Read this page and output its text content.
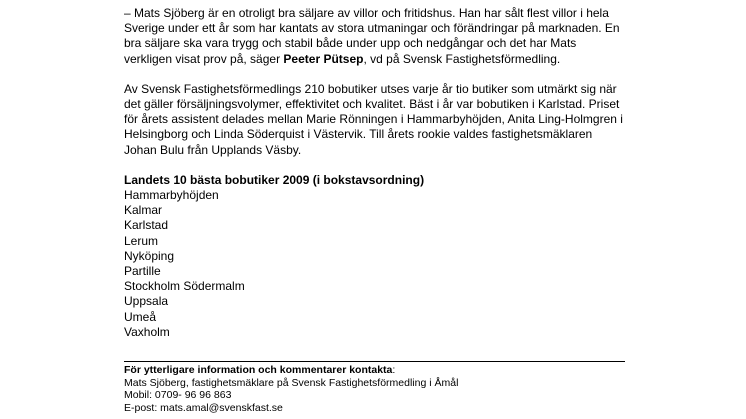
– Mats Sjöberg är en otroligt bra säljare av villor och fritidshus. Han har sålt flest villor i hela Sverige under ett år som har kantats av stora utmaningar och förändringar på marknaden. En bra säljare ska vara trygg och stabil både under upp och nedgångar och det har Mats verkligen visat prov på, säger Peeter Pütsep, vd på Svensk Fastighetsförmedling.

Av Svensk Fastighetsförmedlings 210 bobutiker utses varje år tio butiker som utmärkt sig när det gäller försäljningsvolymer, effektivitet och kvalitet. Bäst i år var bobutiken i Karlstad. Priset för årets assistent delades mellan Marie Rönningen i Hammarbyhöjden, Anita Ling-Holmgren i Helsingborg och Linda Söderquist i Västervik. Till årets rookie valdes fastighetsmäklaren Johan Bulu från Upplands Väsby.

Landets 10 bästa bobutiker 2009 (i bokstavsordning)
Hammarbyhöjden
Kalmar
Karlstad
Lerum
Nyköping
Partille
Stockholm Södermalm
Uppsala
Umeå
Vaxholm
För ytterligare information och kommentarer kontakta:
Mats Sjöberg, fastighetsmäklare på Svensk Fastighetsförmedling i Åmål
Mobil: 0709- 96 96 863
E-post: mats.amal@svenskfast.se
